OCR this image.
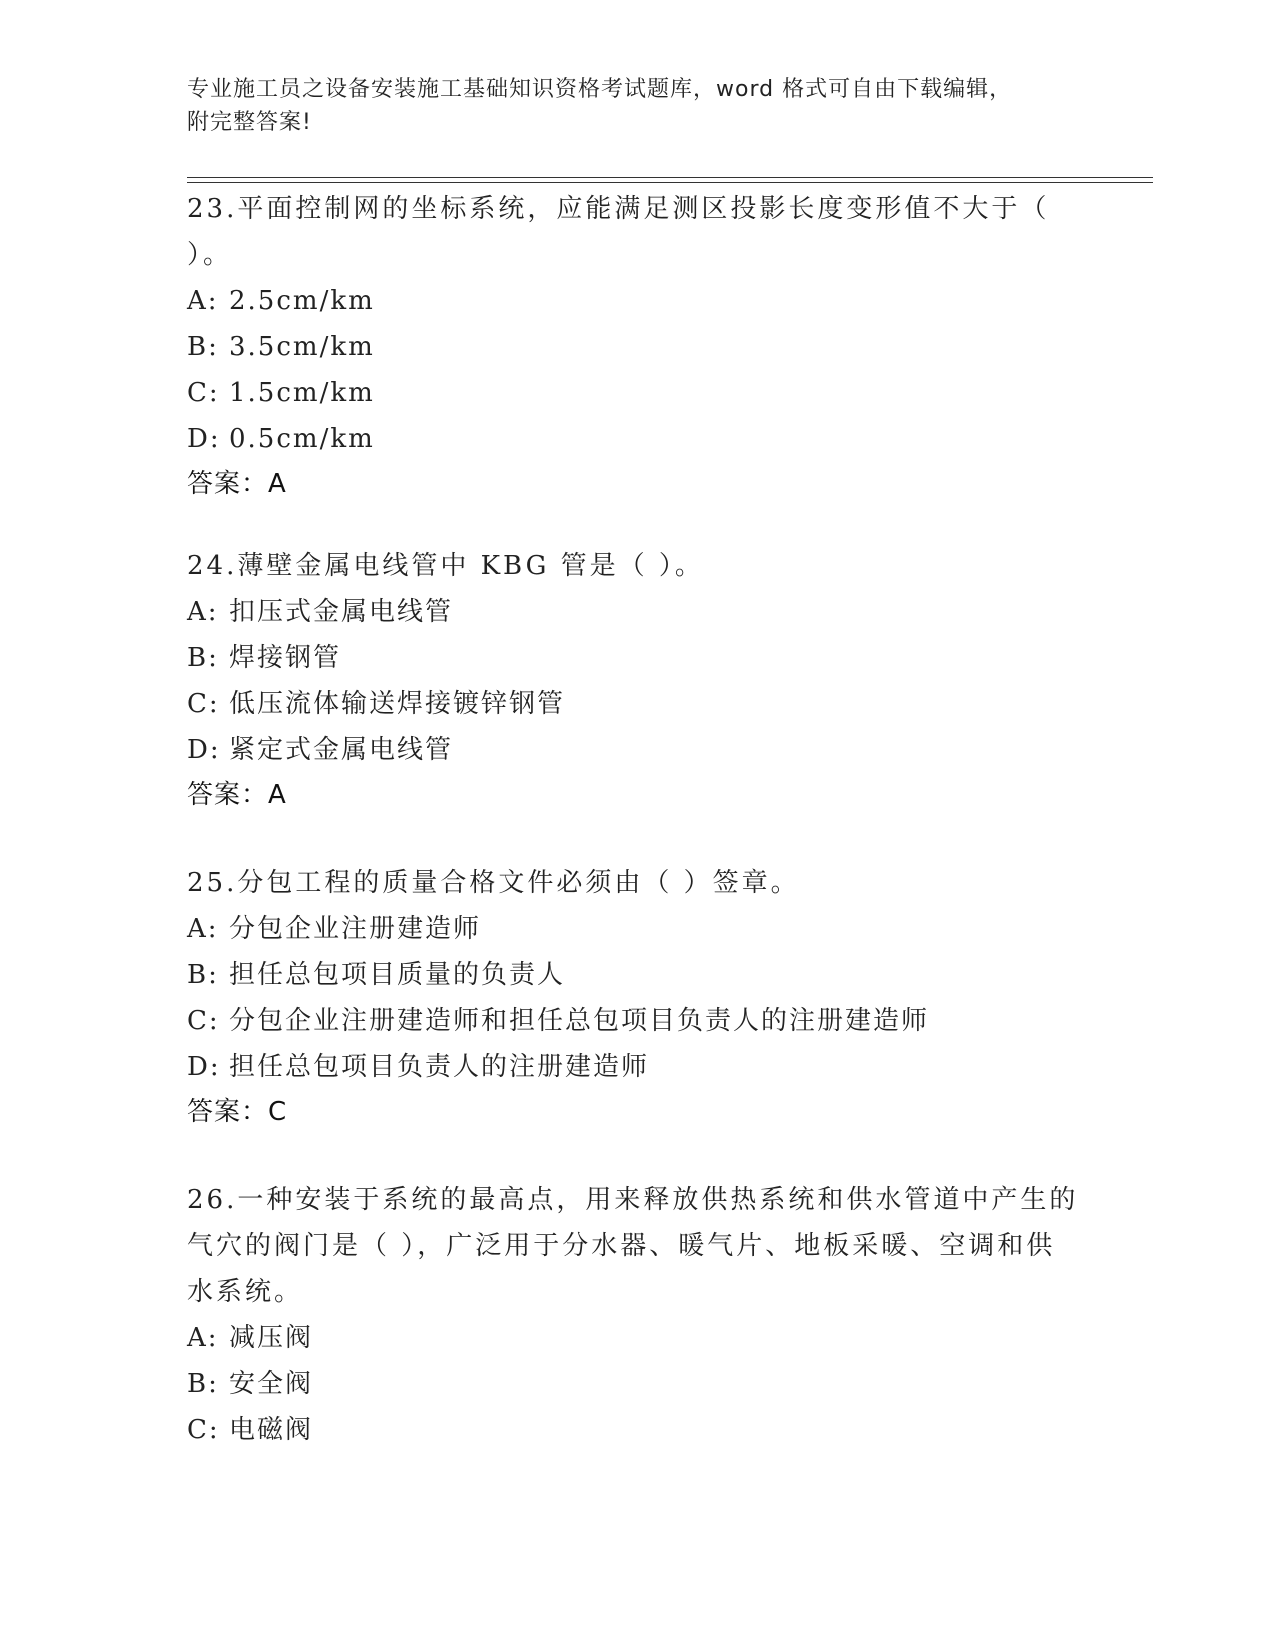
专业施工员之设备安装施工基础知识资格考试题库，word 格式可自由下载编辑，
附完整答案!
23.平面控制网的坐标系统，应能满足测区投影长度变形值不大于（
）。
A: 2.5cm/km
B: 3.5cm/km
C: 1.5cm/km
D: 0.5cm/km
答案：A
24.薄壁金属电线管中 KBG 管是（ ）。
A: 扣压式金属电线管
B: 焊接钢管
C: 低压流体输送焊接镀锌钢管
D: 紧定式金属电线管
答案：A
25.分包工程的质量合格文件必须由（ ）签章。
A: 分包企业注册建造师
B: 担任总包项目质量的负责人
C: 分包企业注册建造师和担任总包项目负责人的注册建造师
D: 担任总包项目负责人的注册建造师
答案：C
26.一种安装于系统的最高点，用来释放供热系统和供水管道中产生的
气穴的阀门是（ ），广泛用于分水器、暖气片、地板采暖、空调和供
水系统。
A: 减压阀
B: 安全阀
C: 电磁阀
